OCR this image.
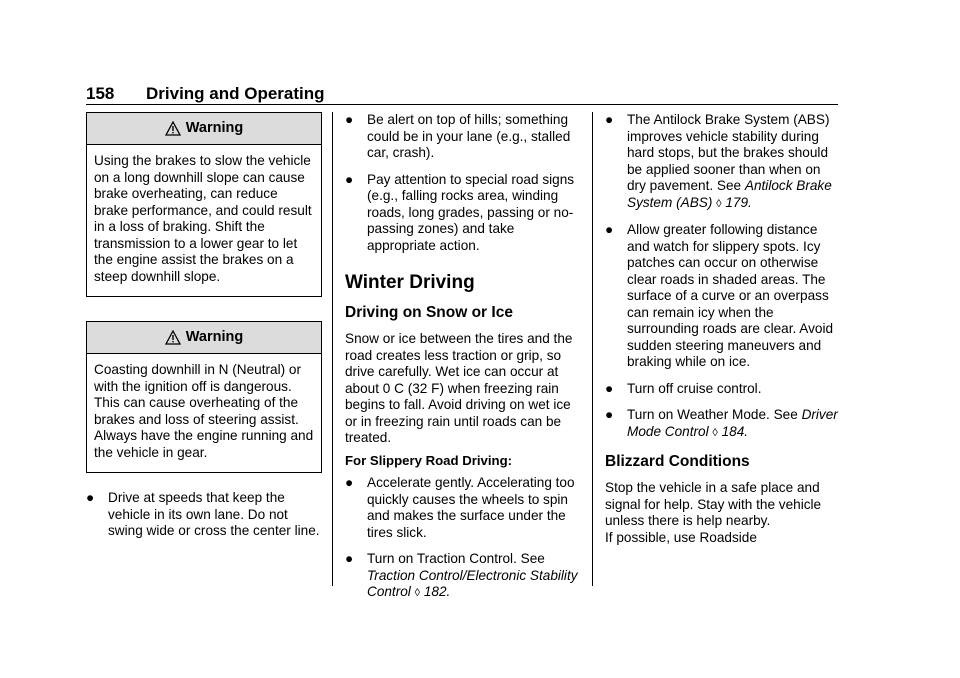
158 Driving and Operating
Warning
Using the brakes to slow the vehicle on a long downhill slope can cause brake overheating, can reduce brake performance, and could result in a loss of braking. Shift the transmission to a lower gear to let the engine assist the brakes on a steep downhill slope.
Warning
Coasting downhill in N (Neutral) or with the ignition off is dangerous. This can cause overheating of the brakes and loss of steering assist. Always have the engine running and the vehicle in gear.
● Drive at speeds that keep the vehicle in its own lane. Do not swing wide or cross the center line.
● Be alert on top of hills; something could be in your lane (e.g., stalled car, crash).
● Pay attention to special road signs (e.g., falling rocks area, winding roads, long grades, passing or no-passing zones) and take appropriate action.
Winter Driving
Driving on Snow or Ice

Snow or ice between the tires and the road creates less traction or grip, so drive carefully. Wet ice can occur at about 0 C (32 F) when freezing rain begins to fall. Avoid driving on wet ice or in freezing rain until roads can be treated.

For Slippery Road Driving:
● Accelerate gently. Accelerating too quickly causes the wheels to spin and makes the surface under the tires slick.
● Turn on Traction Control. See Traction Control/Electronic Stability Control ◊ 182.
● The Antilock Brake System (ABS) improves vehicle stability during hard stops, but the brakes should be applied sooner than when on dry pavement. See Antilock Brake System (ABS) ◊ 179.
● Allow greater following distance and watch for slippery spots. Icy patches can occur on otherwise clear roads in shaded areas. The surface of a curve or an overpass can remain icy when the surrounding roads are clear. Avoid sudden steering maneuvers and braking while on ice.
● Turn off cruise control.
● Turn on Weather Mode. See Driver Mode Control ◊ 184.
Blizzard Conditions

Stop the vehicle in a safe place and signal for help. Stay with the vehicle unless there is help nearby.

If possible, use Roadside
